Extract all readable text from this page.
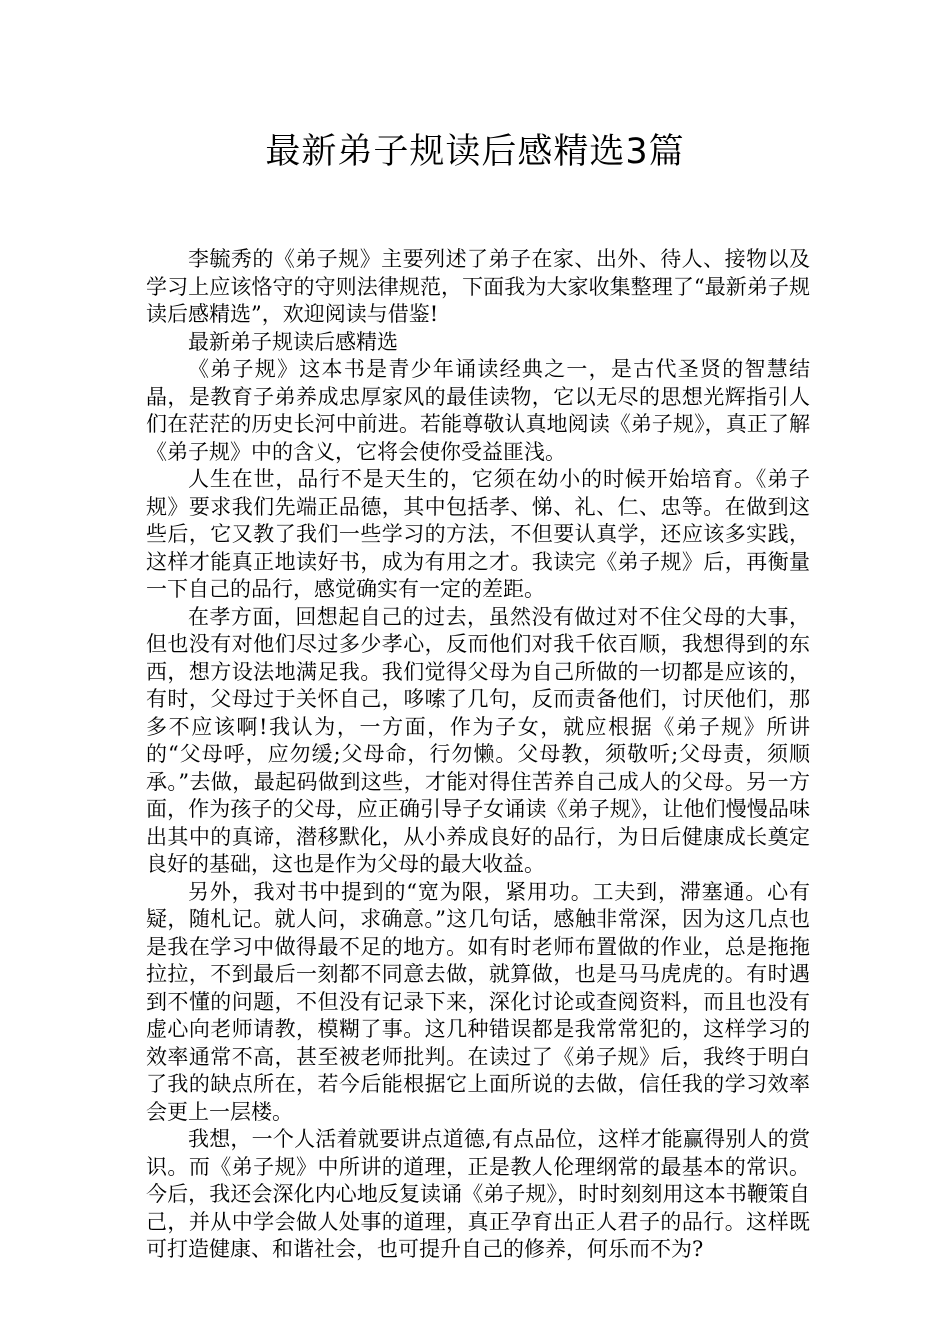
最新弟子规读后感精选3篇

李毓秀的《弟子规》主要列述了弟子在家、出外、待人、接物以及学习上应该恪守的守则法律规范，下面我为大家收集整理了“最新弟子规读后感精选”，欢迎阅读与借鉴!

最新弟子规读后感精选

《弟子规》这本书是青少年诵读经典之一，是古代圣贤的智慧结晶，是教育子弟养成忠厚家风的最佳读物，它以无尽的思想光辉指引人们在茫茫的历史长河中前进。若能尊敬认真地阅读《弟子规》，真正了解《弟子规》中的含义，它将会使你受益匪浅。

人生在世，品行不是天生的，它须在幼小的时候开始培育。《弟子规》要求我们先端正品德，其中包括孝、悌、礼、仁、忠等。在做到这些后，它又教了我们一些学习的方法，不但要认真学，还应该多实践，这样才能真正地读好书，成为有用之才。我读完《弟子规》后，再衡量一下自己的品行，感觉确实有一定的差距。

在孝方面，回想起自己的过去，虽然没有做过对不住父母的大事，但也没有对他们尽过多少孝心，反而他们对我千依百顺，我想得到的东西，想方设法地满足我。我们觉得父母为自己所做的一切都是应该的，有时，父母过于关怀自己，哆嗦了几句，反而责备他们，讨厌他们，那多不应该啊!我认为，一方面，作为子女，就应根据《弟子规》所讲的“父母呼，应勿缓;父母命，行勿懒。父母教，须敬听;父母责，须顺承。”去做，最起码做到这些，才能对得住苦养自己成人的父母。另一方面，作为孩子的父母，应正确引导子女诵读《弟子规》，让他们慢慢品味出其中的真谛，潜移默化，从小养成良好的品行，为日后健康成长奠定良好的基础，这也是作为父母的最大收益。

另外，我对书中提到的“宽为限，紧用功。工夫到，滞塞通。心有疑，随札记。就人问，求确意。”这几句话，感触非常深，因为这几点也是我在学习中做得最不足的地方。如有时老师布置做的作业，总是拖拖拉拉，不到最后一刻都不同意去做，就算做，也是马马虎虎的。有时遇到不懂的问题，不但没有记录下来，深化讨论或查阅资料，而且也没有虚心向老师请教，模糊了事。这几种错误都是我常常犯的，这样学习的效率通常不高，甚至被老师批判。在读过了《弟子规》后，我终于明白了我的缺点所在，若今后能根据它上面所说的去做，信任我的学习效率会更上一层楼。

我想，一个人活着就要讲点道德,有点品位，这样才能赢得别人的赏识。而《弟子规》中所讲的道理，正是教人伦理纲常的最基本的常识。今后，我还会深化内心地反复读诵《弟子规》，时时刻刻用这本书鞭策自己，并从中学会做人处事的道理，真正孕育出正人君子的品行。这样既可打造健康、和谐社会，也可提升自己的修养，何乐而不为?
